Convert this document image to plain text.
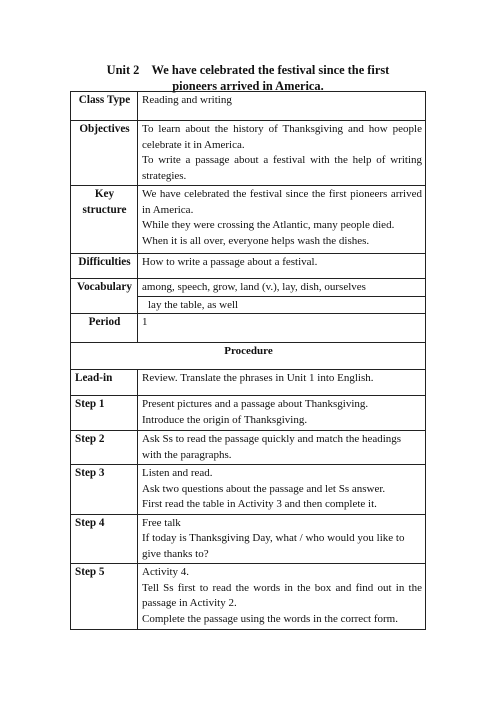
Unit 2    We have celebrated the festival since the first
pioneers arrived in America.
Class Type	Reading and writing
Objectives	To learn about the history of Thanksgiving and how people celebrate it in America.
To write a passage about a festival with the help of writing strategies.

Key
structure	We have celebrated the festival since the first pioneers arrived in America.
While they were crossing the Atlantic, many people died.
When it is all over, everyone helps wash the dishes.

Difficulties	How to write a passage about a festival.
Vocabulary	among, speech, grow, land (v.), lay, dish, ourselves
lay the table, as well

Period	1
Procedure	
Lead-in	Review. Translate the phrases in Unit 1 into English.
Step 1	Present pictures and a passage about Thanksgiving.
Introduce the origin of Thanksgiving.

Step 2	Ask Ss to read the passage quickly and match the headings with the paragraphs.
Step 3	Listen and read.
Ask two questions about the passage and let Ss answer.
First read the table in Activity 3 and then complete it.

Step 4	Free talk
If today is Thanksgiving Day, what / who would you like to give thanks to?

Step 5	Activity 4.
Tell Ss first to read the words in the box and find out in the passage in Activity 2.
Complete the passage using the words in the correct form.
